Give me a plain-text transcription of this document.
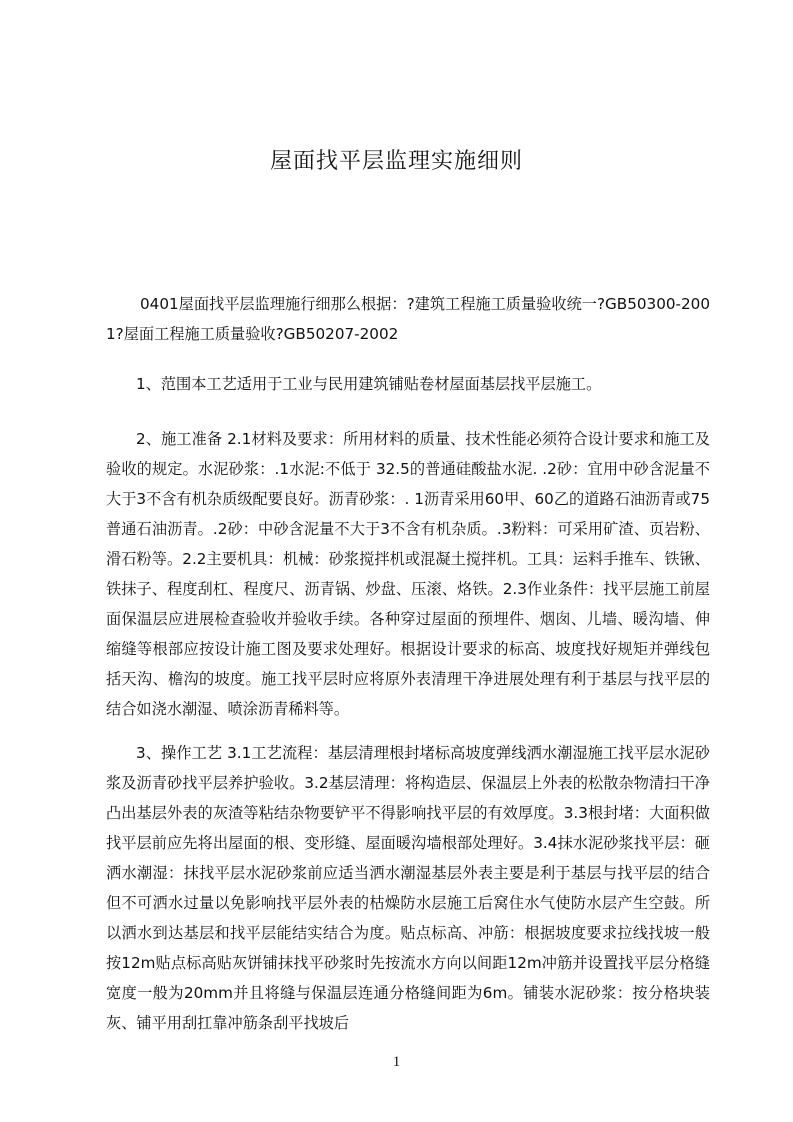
屋面找平层监理实施细则

0401屋面找平层监理施行细那么根据：?建筑工程施工质量验收统一?GB50300-2001?屋面工程施工质量验收?GB50207-2002

1、范围本工艺适用于工业与民用建筑铺贴卷材屋面基层找平层施工。

2、施工准备 2.1材料及要求：所用材料的质量、技术性能必须符合设计要求和施工及验收的规定。水泥砂浆：.1水泥:不低于 32.5的普通硅酸盐水泥. .2砂：宜用中砂含泥量不大于3不含有机杂质级配要良好。沥青砂浆：. 1沥青采用60甲、60乙的道路石油沥青或75普通石油沥青。.2砂：中砂含泥量不大于3不含有机杂质。.3粉料：可采用矿渣、页岩粉、滑石粉等。2.2主要机具：机械：砂浆搅拌机或混凝土搅拌机。工具：运料手推车、铁锹、铁抹子、程度刮杠、程度尺、沥青锅、炒盘、压滚、烙铁。2.3作业条件：找平层施工前屋面保温层应进展检查验收并验收手续。各种穿过屋面的预埋件、烟囱、儿墙、暖沟墙、伸缩缝等根部应按设计施工图及要求处理好。根据设计要求的标高、坡度找好规矩并弹线包括天沟、檐沟的坡度。施工找平层时应将原外表清理干净进展处理有利于基层与找平层的结合如浇水潮湿、喷涂沥青稀料等。

3、操作工艺 3.1工艺流程：基层清理根封堵标高坡度弹线洒水潮湿施工找平层水泥砂浆及沥青砂找平层养护验收。3.2基层清理：将构造层、保温层上外表的松散杂物清扫干净凸出基层外表的灰渣等粘结杂物要铲平不得影响找平层的有效厚度。3.3根封堵：大面积做找平层前应先将出屋面的根、变形缝、屋面暖沟墙根部处理好。3.4抹水泥砂浆找平层：砸洒水潮湿：抹找平层水泥砂浆前应适当洒水潮湿基层外表主要是利于基层与找平层的结合但不可洒水过量以免影响找平层外表的枯燥防水层施工后窝住水气使防水层产生空鼓。所以洒水到达基层和找平层能结实结合为度。贴点标高、冲筋：根据坡度要求拉线找坡一般按12m贴点标高贴灰饼铺抹找平砂浆时先按流水方向以间距12m冲筋并设置找平层分格缝宽度一般为20mm并且将缝与保温层连通分格缝间距为6m。铺装水泥砂浆：按分格块装灰、铺平用刮扛靠冲筋条刮平找坡后

1
